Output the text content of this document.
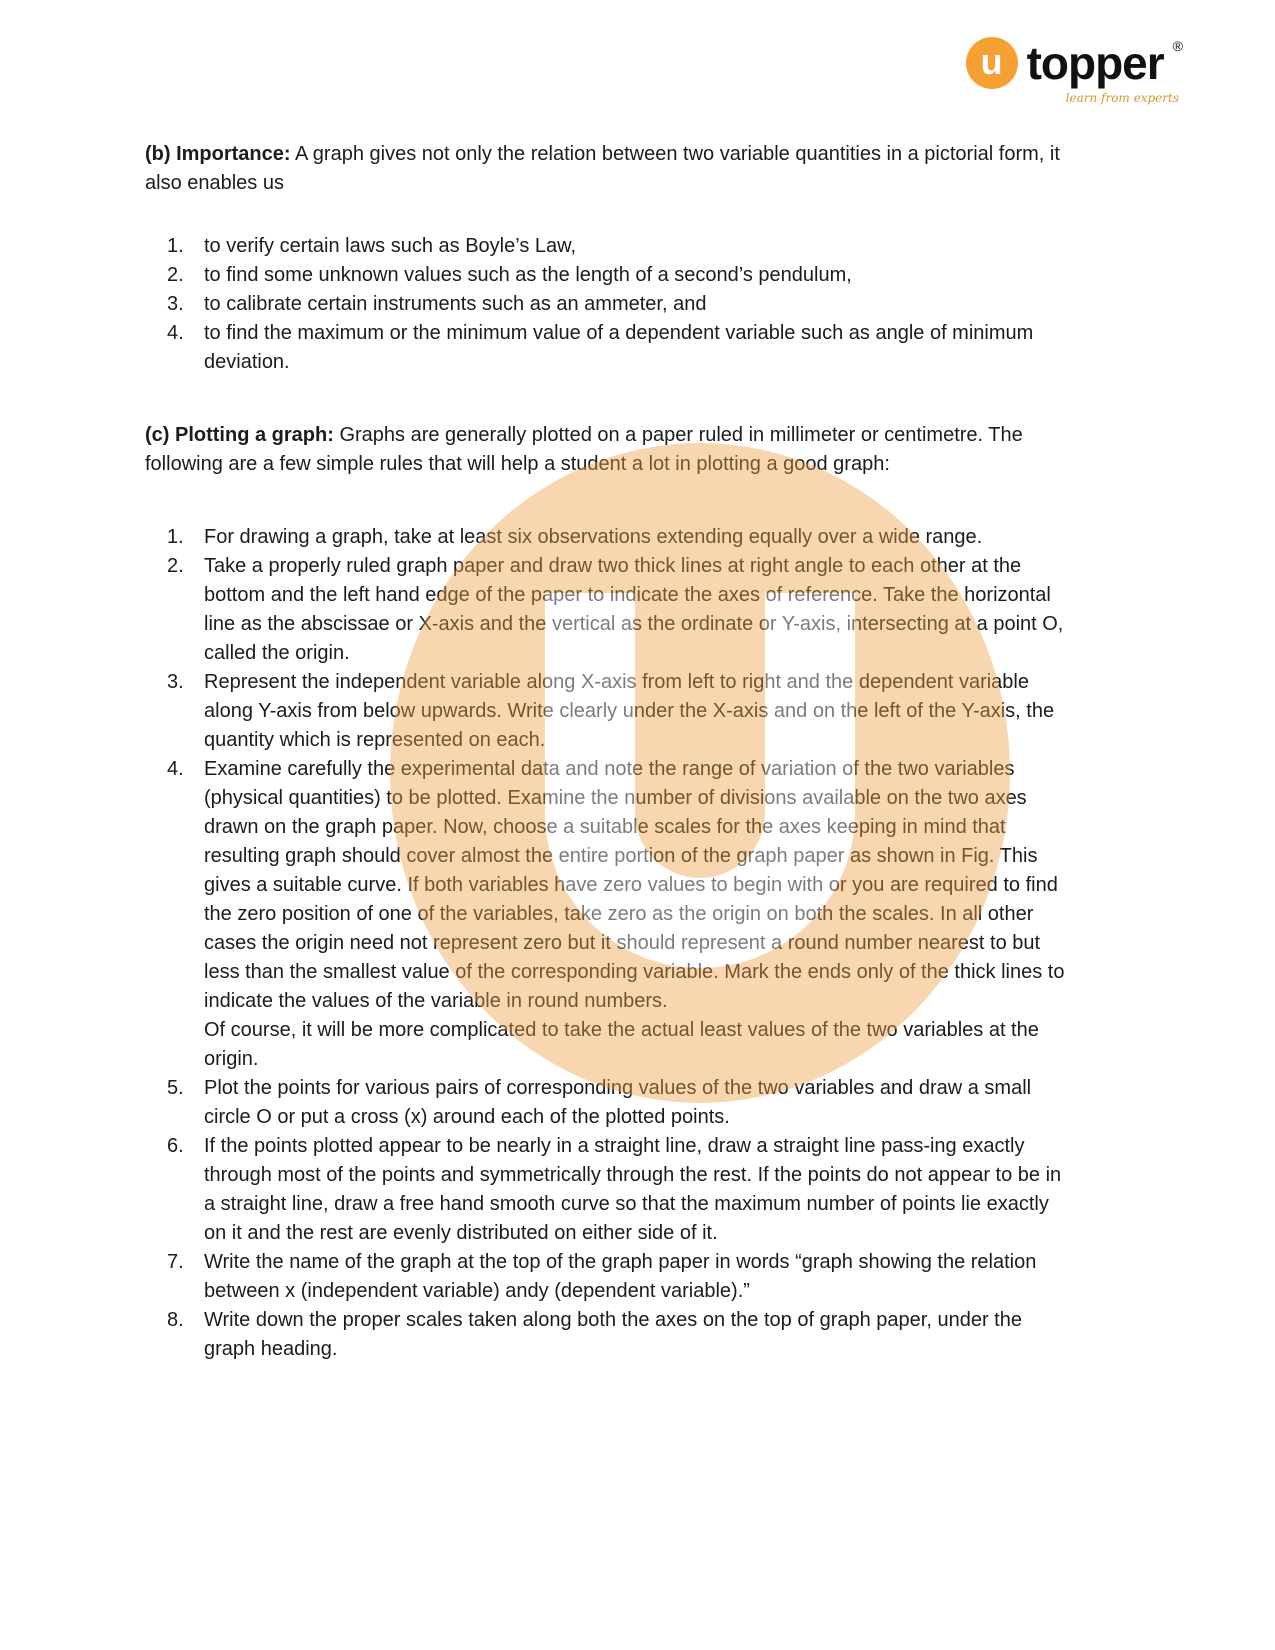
u topper ®
learn from experts

(b) Importance: A graph gives not only the relation between two variable quantities in a pictorial form, it also enables us

1.	to verify certain laws such as Boyle’s Law,
2.	to find some unknown values such as the length of a second’s pendulum,
3.	to calibrate certain instruments such as an ammeter, and
4.	to find the maximum or the minimum value of a dependent variable such as angle of minimum deviation.

(c) Plotting a graph: Graphs are generally plotted on a paper ruled in millimeter or centimetre. The following are a few simple rules that will help a student a lot in plotting a good graph:

1.	For drawing a graph, take at least six observations extending equally over a wide range.
2.	Take a properly ruled graph paper and draw two thick lines at right angle to each other at the bottom and the left hand edge of the paper to indicate the axes of reference. Take the horizontal line as the abscissae or X-axis and the vertical as the ordinate or Y-axis, intersecting at a point O, called the origin.
3.	Represent the independent variable along X-axis from left to right and the dependent variable along Y-axis from below upwards. Write clearly under the X-axis and on the left of the Y-axis, the quantity which is represented on each.
4.	Examine carefully the experimental data and note the range of variation of the two variables (physical quantities) to be plotted. Examine the number of divisions available on the two axes drawn on the graph paper. Now, choose a suitable scales for the axes keeping in mind that resulting graph should cover almost the entire portion of the graph paper as shown in Fig. This gives a suitable curve. If both variables have zero values to begin with or you are required to find the zero position of one of the variables, take zero as the origin on both the scales. In all other cases the origin need not represent zero but it should represent a round number nearest to but less than the smallest value of the corresponding variable. Mark the ends only of the thick lines to indicate the values of the variable in round numbers.
Of course, it will be more complicated to take the actual least values of the two variables at the origin.
5.	Plot the points for various pairs of corresponding values of the two variables and draw a small circle O or put a cross (x) around each of the plotted points.
6.	If the points plotted appear to be nearly in a straight line, draw a straight line pass-ing exactly through most of the points and symmetrically through the rest. If the points do not appear to be in a straight line, draw a free hand smooth curve so that the maximum number of points lie exactly on it and the rest are evenly distributed on either side of it.
7.	Write the name of the graph at the top of the graph paper in words “graph showing the relation between x (independent variable) andy (dependent variable).”
8.	Write down the proper scales taken along both the axes on the top of graph paper, under the graph heading.
